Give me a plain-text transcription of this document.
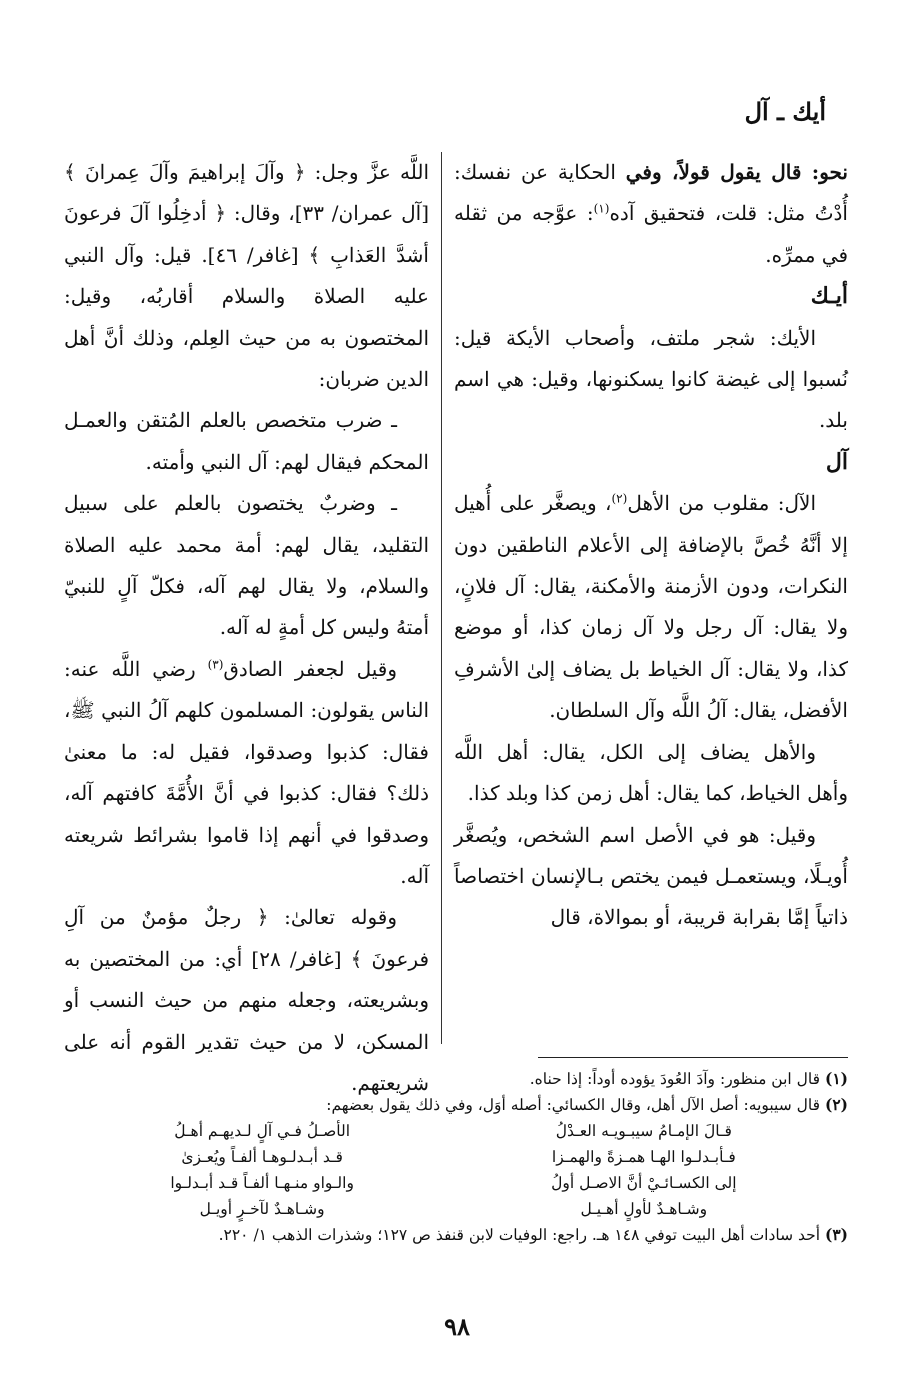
أيك ـ آل

نحو: قال يقول قولاً، وفي الحكاية عن نفسك: أُدْتُ مثل: قلت، فتحقيق آده$^{(١)}$: عوَّجه من ثقله في ممرِّه.

أيـك

الأيك: شجر ملتف، وأصحاب الأيكة قيل: نُسبوا إلى غيضة كانوا يسكنونها، وقيل: هي اسم بلد.

آل

الآل: مقلوب من الأهل$^{(٢)}$، ويصغَّر على أُهيل إلا أنَّهُ خُصَّ بالإضافة إلى الأعلام الناطقين دون النكرات، ودون الأزمنة والأمكنة، يقال: آل فلانٍ، ولا يقال: آل رجل ولا آل زمان كذا، أو موضع كذا، ولا يقال: آل الخياط بل يضاف إلىٰ الأشرفِ الأفضل، يقال: آلُ اللَّه وآل السلطان.

والأهل يضاف إلى الكل، يقال: أهل اللَّه وأهل الخياط، كما يقال: أهل زمن كذا وبلد كذا.

وقيل: هو في الأصل اسم الشخص، ويُصغَّر أُويـلًا، ويستعمـل فيمن يختص بـالإنسان اختصاصاً ذاتياً إمَّا بقرابة قريبة، أو بموالاة، قال

اللَّه عزَّ وجل: ﴿ وآلَ إبراهيمَ وآلَ عِمرانَ ﴾ [آل عمران/ ٣٣]، وقال: ﴿ أدخِلُوا آلَ فرعونَ أشدَّ العَذابِ ﴾ [غافر/ ٤٦]. قيل: وآل النبي عليه الصلاة والسلام أقاربُه، وقيل: المختصون به من حيث العِلم، وذلك أنَّ أهل الدين ضربان:

ـ ضرب متخصص بالعلم المُتقن والعمـل المحكم فيقال لهم: آل النبي وأمته.

ـ وضربٌ يختصون بالعلم على سبيل التقليد، يقال لهم: أمة محمد عليه الصلاة والسلام، ولا يقال لهم آله، فكلّ آلٍ للنبيّ أمتهُ وليس كل أمةٍ له آله.

وقيل لجعفر الصادق$^{(٣)}$ رضي اللَّه عنه: الناس يقولون: المسلمون كلهم آلُ النبي ﷺ، فقال: كذبوا وصدقوا، فقيل له: ما معنىٰ ذلك؟ فقال: كذبوا في أنَّ الأُمَّةَ كافتهم آله، وصدقوا في أنهم إذا قاموا بشرائط شريعته آله.

وقوله تعالىٰ: ﴿ رجلٌ مؤمنٌ من آلِ فرعونَ ﴾ [غافر/ ٢٨] أي: من المختصين به وبشريعته، وجعله منهم من حيث النسب أو المسكن، لا من حيث تقدير القوم أنه على شريعتهم.	(١) قال ابن منظور: وآدَ العُودَ يؤوده أوداً: إذا حناه.

(٢) قال سيبويه: أصل الآل أهل، وقال الكسائي: أصله أوَل، وفي ذلك يقول بعضهم:

قـالَ الإمـامُ سيبـويـه العـدْلُ
الأصـلُ فـي آلٍ لـديهـم أهـلُ
فـأبـدلـوا الهـا همـزةً والهمـزا
قـد أبـدلـوهـا ألفـاً ويُعـزىٰ
إلى الكسـائـيْ أنَّ الاصـل أولُ
والـواو منـهـا ألفـاً قـد أبـدلـوا
وشـاهـدٌ لأولٍ أهـيـل
وشـاهـدٌ لآخـرٍ أويـل

(٣) أحد سادات أهل البيت توفي ١٤٨ هـ. راجع: الوفيات لابن قنفذ ص ١٢٧؛ وشذرات الذهب ١/ ٢٢٠.

٩٨
